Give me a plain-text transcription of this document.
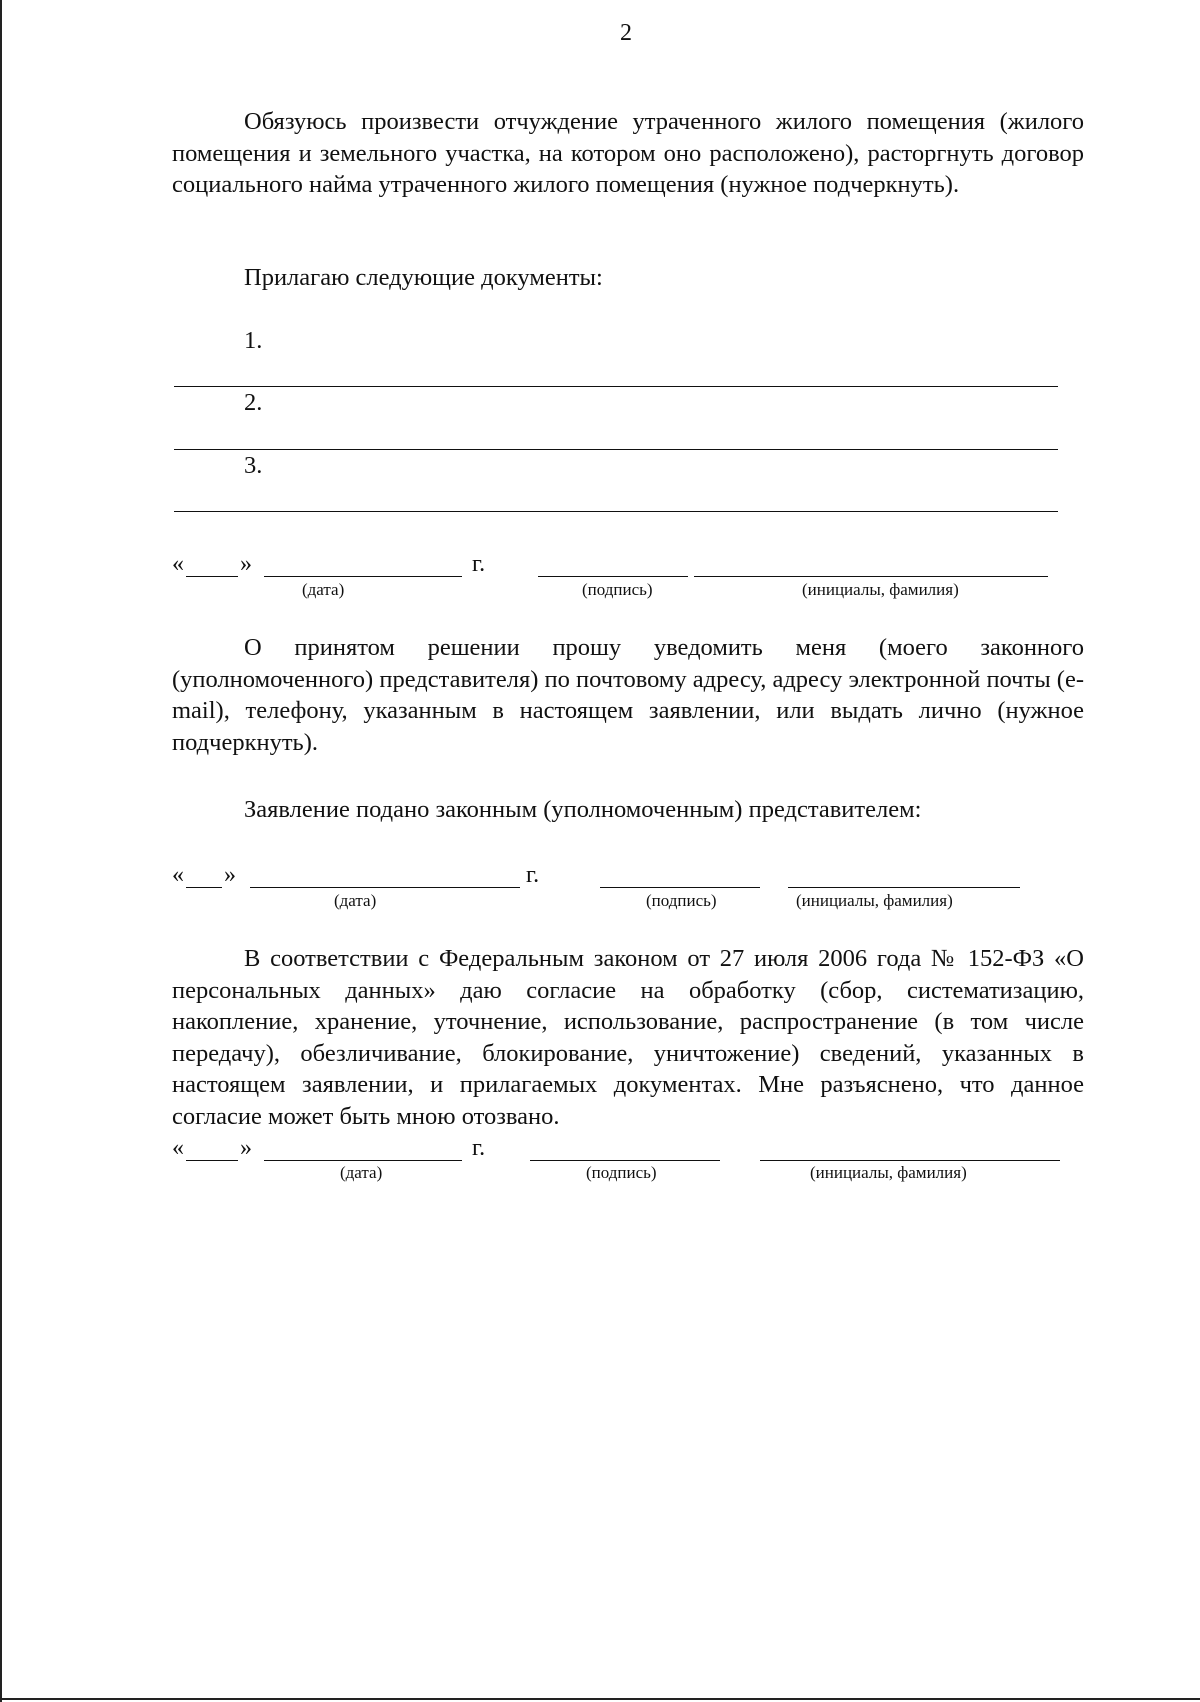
2
Обязуюсь произвести отчуждение утраченного жилого помещения (жилого помещения и земельного участка, на котором оно расположено), расторгнуть договор социального найма утраченного жилого помещения (нужное подчеркнуть).
Прилагаю следующие документы:
1.
2.
3.
« »	г.
(дата)	(подпись)	(инициалы, фамилия)
О принятом решении прошу уведомить меня (моего законного (уполномоченного) представителя) по почтовому адресу, адресу электронной почты (e-mail), телефону, указанным в настоящем заявлении, или выдать лично (нужное подчеркнуть).
Заявление подано законным (уполномоченным) представителем:
« »	г.
(дата)	(подпись)	(инициалы, фамилия)
В соответствии с Федеральным законом от 27 июля 2006 года № 152-ФЗ «О персональных данных» даю согласие на обработку (сбор, систематизацию, накопление, хранение, уточнение, использование, распространение (в том числе передачу), обезличивание, блокирование, уничтожение) сведений, указанных в настоящем заявлении, и прилагаемых документах. Мне разъяснено, что данное согласие может быть мною отозвано.
« »	г.
(дата)	(подпись)	(инициалы, фамилия)
